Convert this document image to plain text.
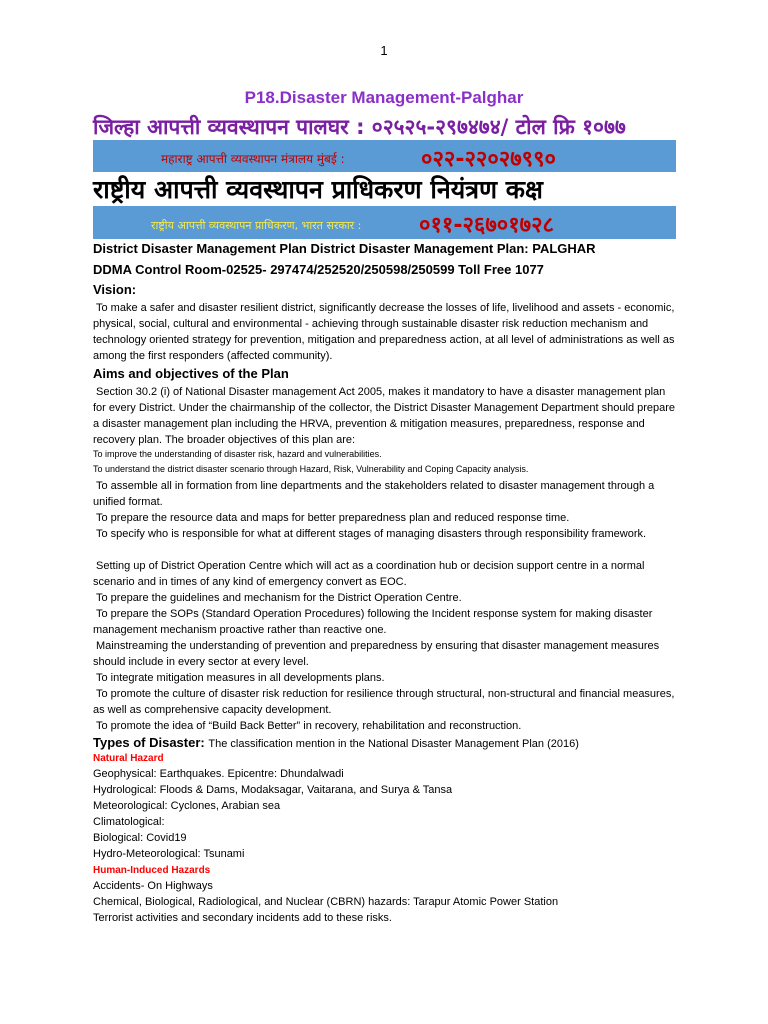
1
P18.Disaster Management-Palghar
जिल्हा आपत्ती व्यवस्थापन पालघर : ०२५२५-२९७४७४/ टोल फ्रि १०७७
महाराष्ट्र आपत्ती व्यवस्थापन मंत्रालय मुंबई :	०२२-२२०२७९९०
राष्ट्रीय आपत्ती व्यवस्थापन प्राधिकरण नियंत्रण कक्ष
राष्ट्रीय आपत्ती व्यवस्थापन प्राधिकरण, भारत सरकार :	०११-२६७०१७२८
District Disaster Management Plan District Disaster Management Plan: PALGHAR
DDMA Control Room-02525- 297474/252520/250598/250599 Toll Free 1077
Vision:
To make a safer and disaster resilient district, significantly decrease the losses of life, livelihood and assets - economic, physical, social, cultural and environmental - achieving through sustainable disaster risk reduction mechanism and technology oriented strategy for prevention, mitigation and preparedness action, at all level of administrations as well as among the first responders (affected community).
Aims and objectives of the Plan
Section 30.2 (i) of National Disaster management Act 2005, makes it mandatory to have a disaster management plan for every District. Under the chairmanship of the collector, the District Disaster Management Department should prepare a disaster management plan including the HRVA, prevention & mitigation measures, preparedness, response and recovery plan. The broader objectives of this plan are:
To improve the understanding of disaster risk, hazard and vulnerabilities.
To understand the district disaster scenario through Hazard, Risk, Vulnerability and Coping Capacity analysis.
To assemble all in formation from line departments and the stakeholders related to disaster management through a unified format.
To prepare the resource data and maps for better preparedness plan and reduced response time.
To specify who is responsible for what at different stages of managing disasters through responsibility framework.
Setting up of District Operation Centre which will act as a coordination hub or decision support centre in a normal scenario and in times of any kind of emergency convert as EOC.
To prepare the guidelines and mechanism for the District Operation Centre.
To prepare the SOPs (Standard Operation Procedures) following the Incident response system for making disaster management mechanism proactive rather than reactive one.
Mainstreaming the understanding of prevention and preparedness by ensuring that disaster management measures should include in every sector at every level.
To integrate mitigation measures in all developments plans.
To promote the culture of disaster risk reduction for resilience through structural, non-structural and financial measures, as well as comprehensive capacity development.
To promote the idea of “Build Back Better” in recovery, rehabilitation and reconstruction.
Types of Disaster: The classification mention in the National Disaster Management Plan (2016)
Natural Hazard
Geophysical: Earthquakes. Epicentre: Dhundalwadi
Hydrological: Floods & Dams, Modaksagar, Vaitarana, and Surya & Tansa
Meteorological: Cyclones, Arabian sea
Climatological:
Biological: Covid19
Hydro-Meteorological: Tsunami
Human-Induced Hazards
Accidents- On Highways
Chemical, Biological, Radiological, and Nuclear (CBRN) hazards: Tarapur Atomic Power Station
Terrorist activities and secondary incidents add to these risks.
